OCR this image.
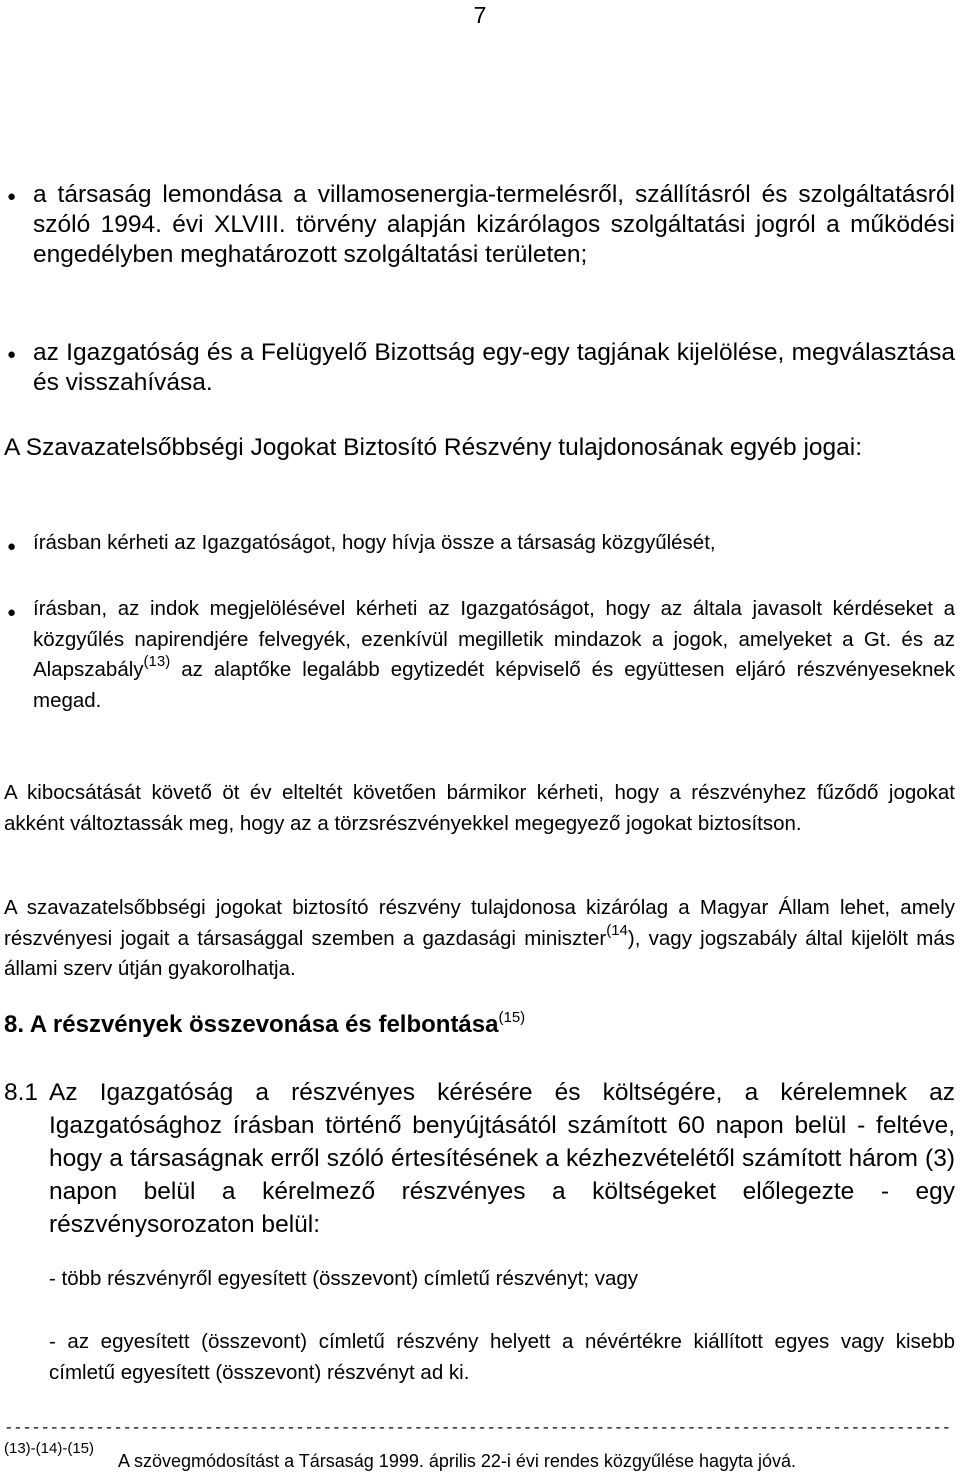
7
● a társaság lemondása a villamosenergia-termelésről, szállításról és szolgáltatásról szóló 1994. évi XLVIII. törvény alapján kizárólagos szolgáltatási jogról a működési engedélyben meghatározott szolgáltatási területen;
● az Igazgatóság és a Felügyelő Bizottság egy-egy tagjának kijelölése, megválasztása és visszahívása.
A Szavazatelsőbbségi Jogokat Biztosító Részvény tulajdonosának egyéb jogai:
● írásban kérheti az Igazgatóságot, hogy hívja össze a társaság közgyűlését,
● írásban, az indok megjelölésével kérheti az Igazgatóságot, hogy az általa javasolt kérdéseket a közgyűlés napirendjére felvegyék, ezenkívül megilletik mindazok a jogok, amelyeket a Gt. és az Alapszabály$^{(13)}$ az alaptőke legalább egytizedét képviselő és együttesen eljáró részvényeseknek megad.
A kibocsátását követő öt év elteltét követően bármikor kérheti, hogy a részvényhez fűződő jogokat akként változtassák meg, hogy az a törzsrészvényekkel megegyező jogokat biztosítson.
A szavazatelsőbbségi jogokat biztosító részvény tulajdonosa kizárólag a Magyar Állam lehet, amely részvényesi jogait a társasággal szemben a gazdasági miniszter$^{(14}$), vagy jogszabály által kijelölt más állami szerv útján gyakorolhatja.
8. A részvények összevonása és felbontása$^{(15)}$
8.1 Az Igazgatóság a részvényes kérésére és költségére, a kérelemnek az Igazgatósághoz írásban történő benyújtásától számított 60 napon belül - feltéve, hogy a társaságnak erről szóló értesítésének a kézhezvételétől számított három (3) napon belül a kérelmező részvényes a költségeket előlegezte - egy részvénysorozaton belül:
- több részvényről egyesített (összevont) címletű részvényt; vagy
- az egyesített (összevont) címletű részvény helyett a névértékre kiállított egyes vagy kisebb címletű egyesített (összevont) részvényt ad ki.
--------------------------------------------------------------------------------------------------------
(13)-(14)-(15)
A szövegmódosítást a Társaság 1999. április 22-i évi rendes közgyűlése hagyta jóvá.
